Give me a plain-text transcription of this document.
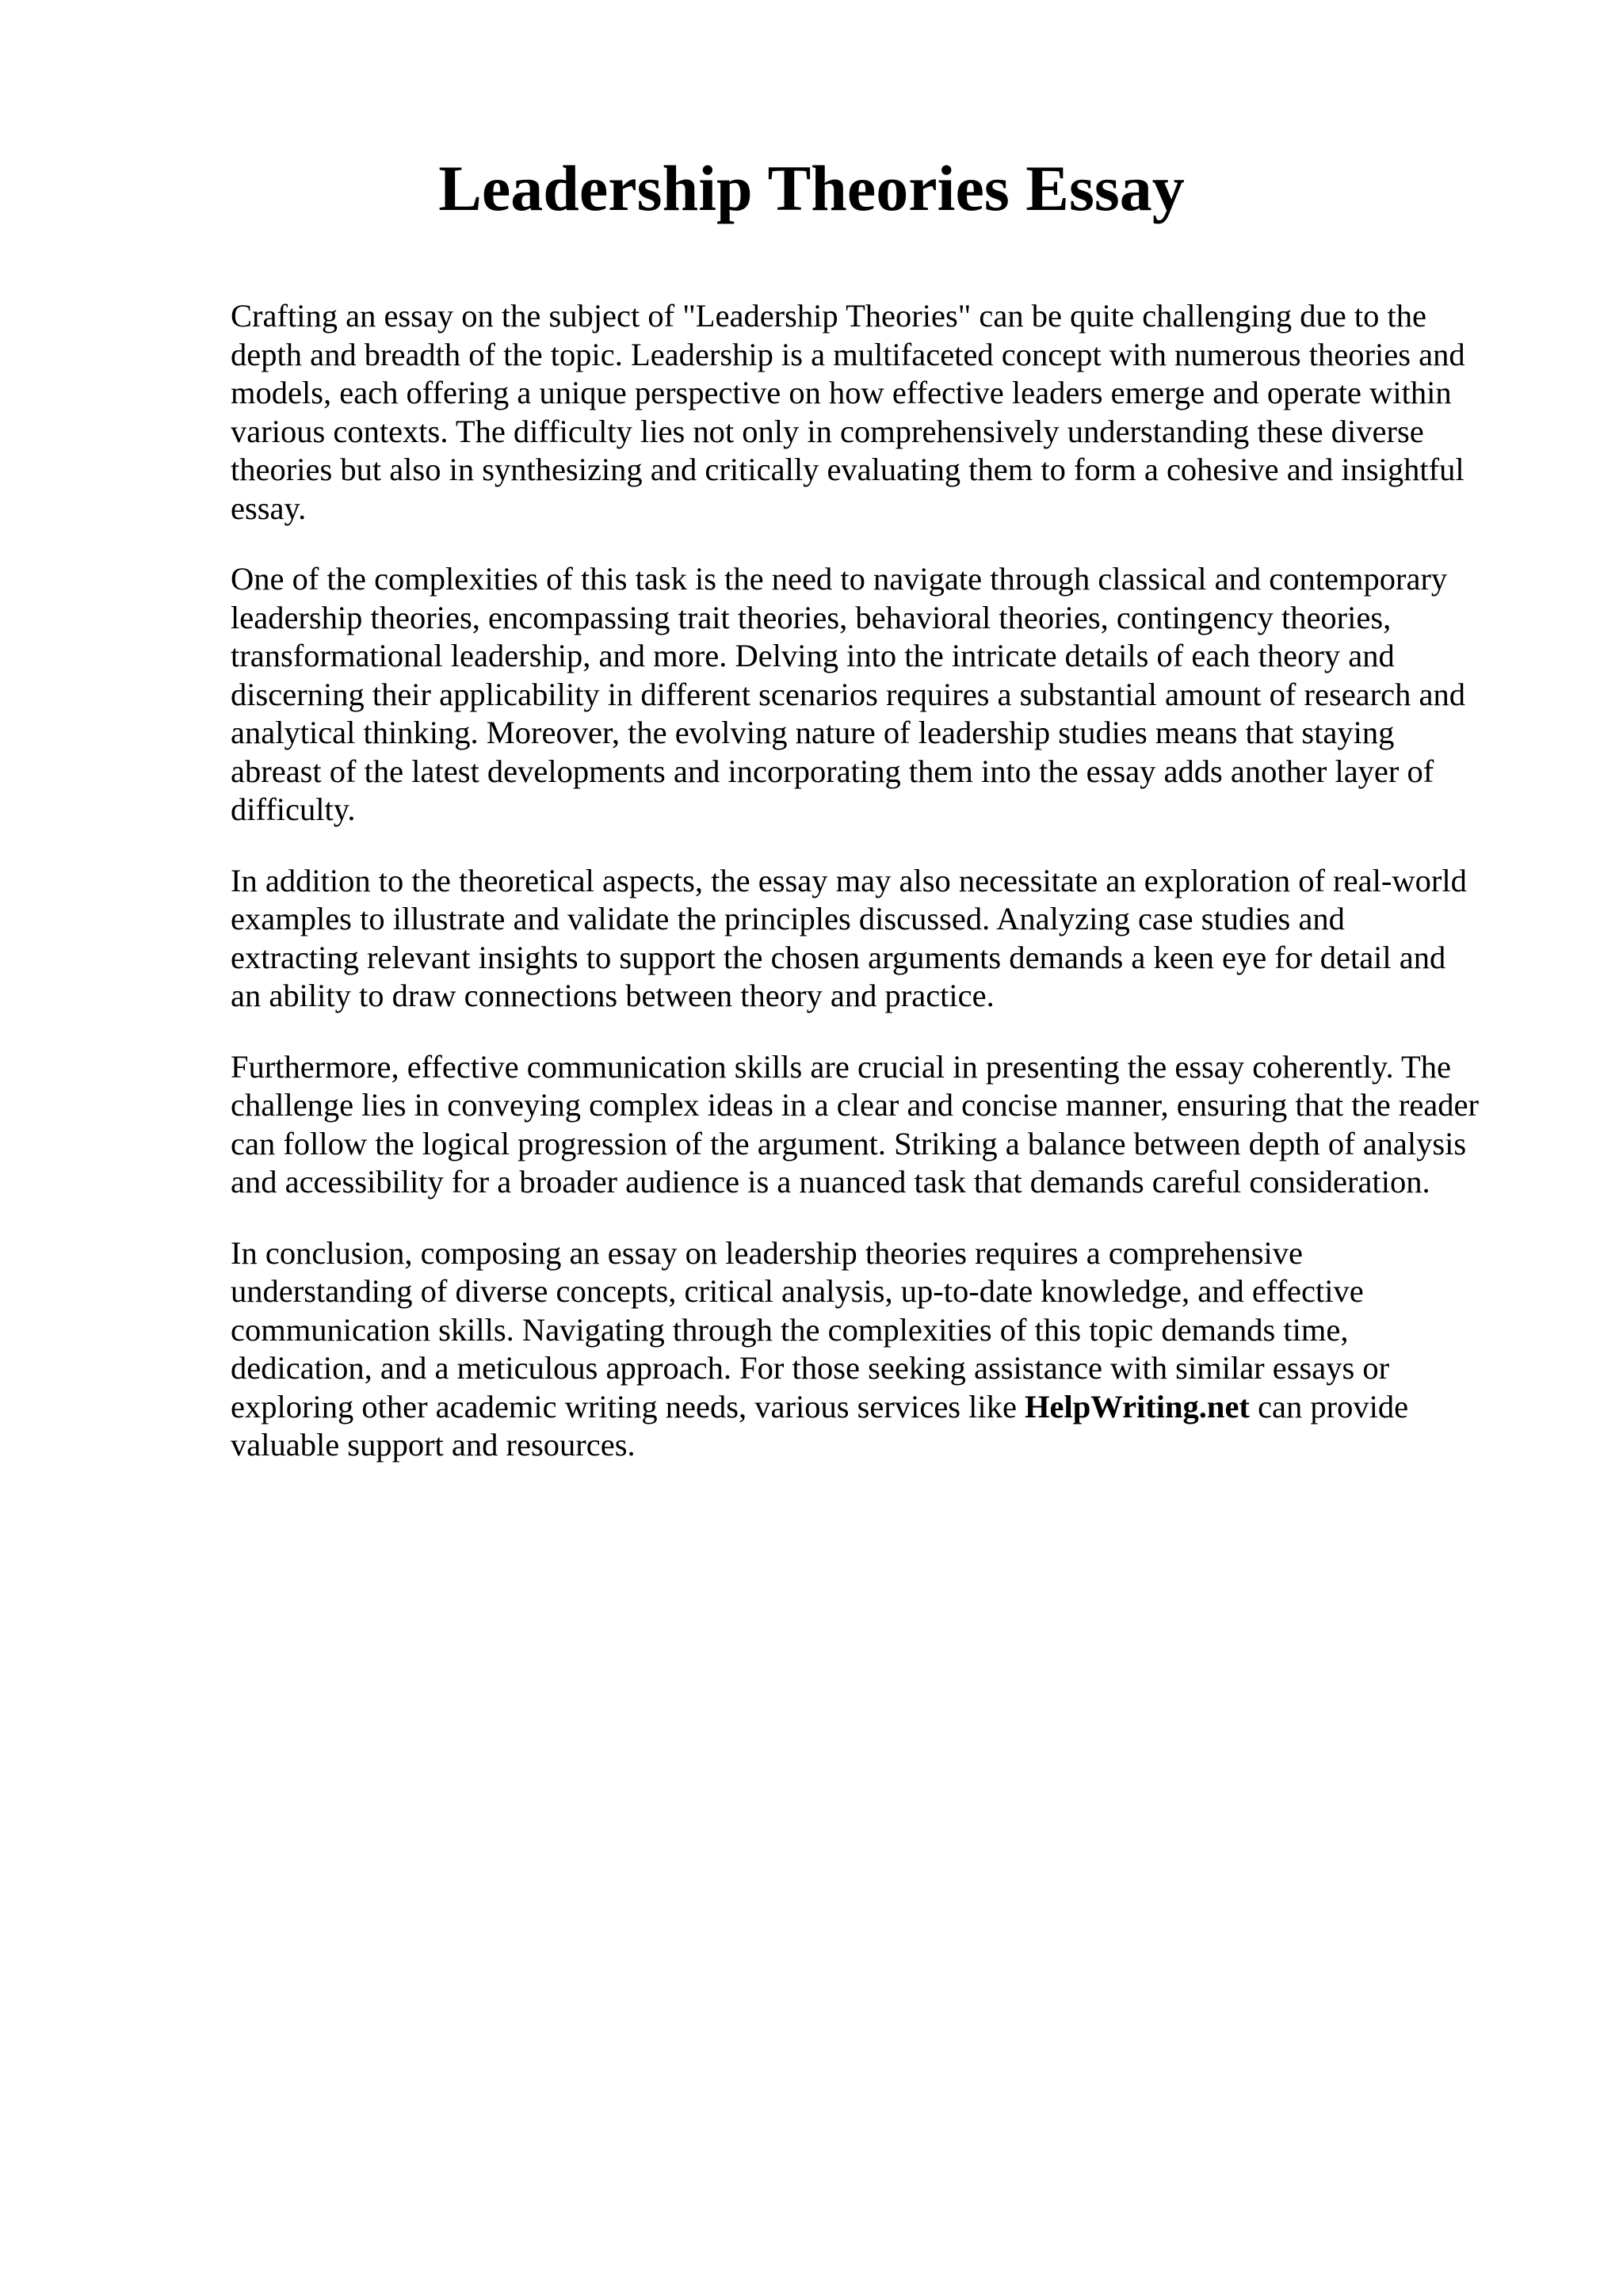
Leadership Theories Essay

Crafting an essay on the subject of "Leadership Theories" can be quite challenging due to the
depth and breadth of the topic. Leadership is a multifaceted concept with numerous theories and
models, each offering a unique perspective on how effective leaders emerge and operate within
various contexts. The difficulty lies not only in comprehensively understanding these diverse
theories but also in synthesizing and critically evaluating them to form a cohesive and insightful
essay.

One of the complexities of this task is the need to navigate through classical and contemporary
leadership theories, encompassing trait theories, behavioral theories, contingency theories,
transformational leadership, and more. Delving into the intricate details of each theory and
discerning their applicability in different scenarios requires a substantial amount of research and
analytical thinking. Moreover, the evolving nature of leadership studies means that staying
abreast of the latest developments and incorporating them into the essay adds another layer of
difficulty.

In addition to the theoretical aspects, the essay may also necessitate an exploration of real-world
examples to illustrate and validate the principles discussed. Analyzing case studies and
extracting relevant insights to support the chosen arguments demands a keen eye for detail and
an ability to draw connections between theory and practice.

Furthermore, effective communication skills are crucial in presenting the essay coherently. The
challenge lies in conveying complex ideas in a clear and concise manner, ensuring that the reader
can follow the logical progression of the argument. Striking a balance between depth of analysis
and accessibility for a broader audience is a nuanced task that demands careful consideration.

In conclusion, composing an essay on leadership theories requires a comprehensive
understanding of diverse concepts, critical analysis, up-to-date knowledge, and effective
communication skills. Navigating through the complexities of this topic demands time,
dedication, and a meticulous approach. For those seeking assistance with similar essays or
exploring other academic writing needs, various services like HelpWriting.net can provide
valuable support and resources.
